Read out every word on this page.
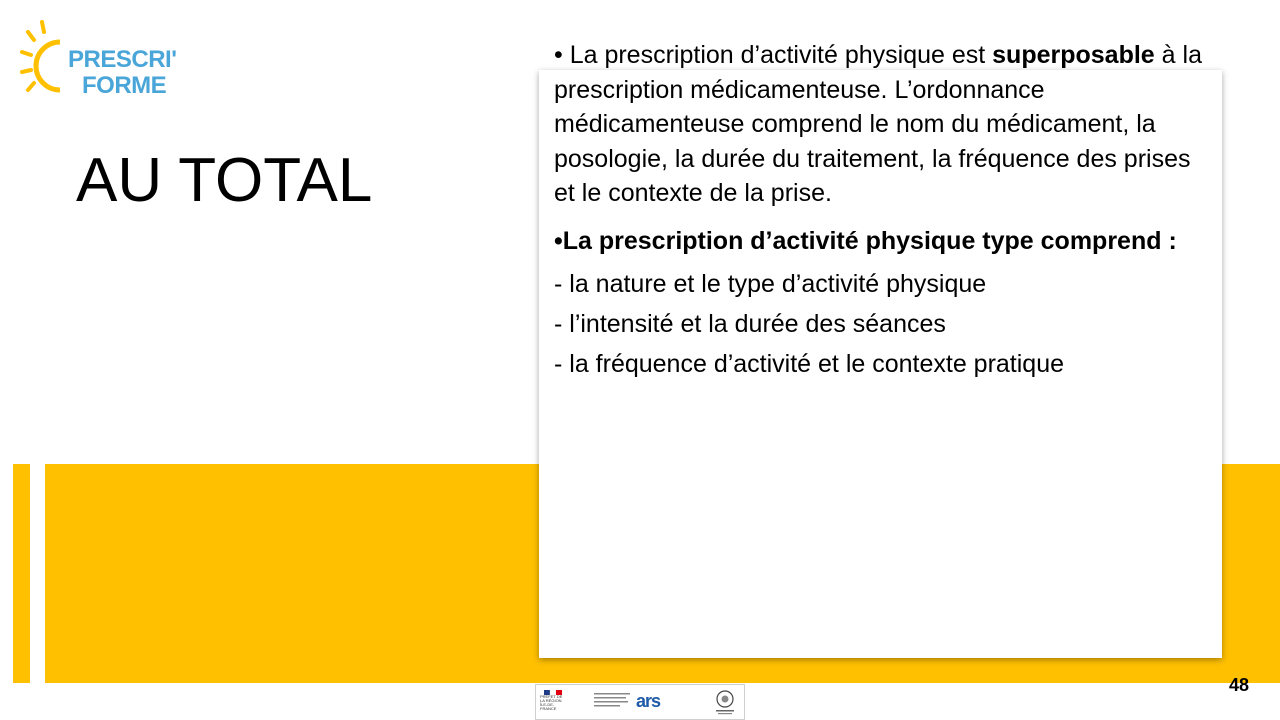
PRESCRI'
FORME
AU TOTAL

• La prescription d’activité physique est superposable à la prescription médicamenteuse. L’ordonnance médicamenteuse comprend le nom du médicament, la posologie, la durée du traitement, la fréquence des prises et le contexte de la prise.

•La prescription d’activité physique type comprend :

- la nature et le type d’activité physique

- l’intensité et la durée des séances

- la fréquence d’activité et le contexte pratique

48
PRÉFET DE LA RÉGION ÎLE-DE-FRANCE	ars
